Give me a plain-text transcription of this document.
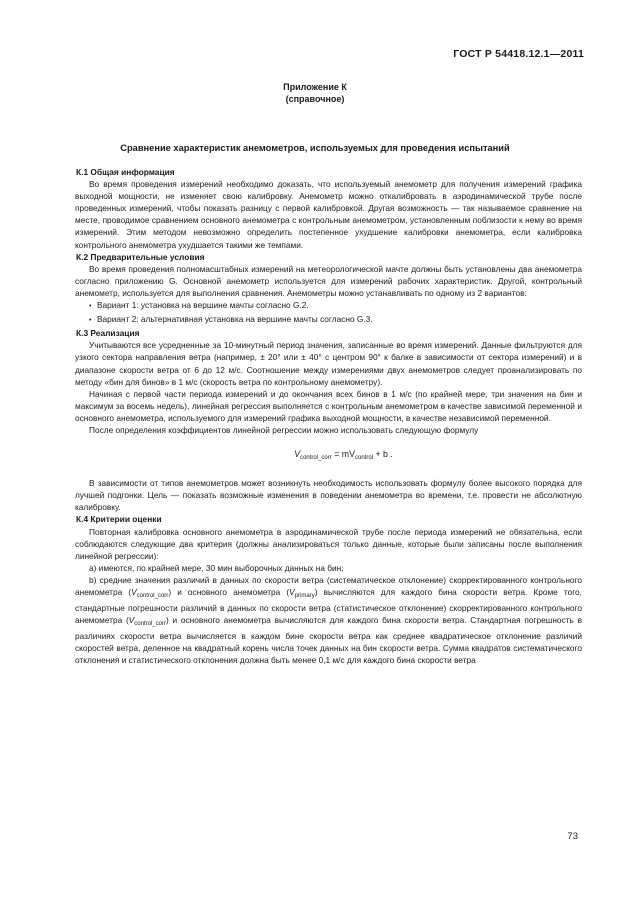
ГОСТ Р 54418.12.1—2011
Приложение К
(справочное)
Сравнение характеристик анемометров, используемых для проведения испытаний
К.1 Общая информация

Во время проведения измерений необходимо доказать, что используемый анемометр для получения измерений графика выходной мощности, не изменяет свою калибровку. Анемометр можно откалибровать в аэродинамической трубе после проведенных измерений, чтобы показать разницу с первой калибровкой. Другая возможность — так называемое сравнение на месте, проводимое сравнением основного анемометра с контрольным анемометром, установленным поблизости к нему во время измерений. Этим методом невозможно определить постепенное ухудшение калибровки анемометра, если калибровка контрольного анемометра ухудшается такими же темпами.

К.2 Предварительные условия

Во время проведения полномасштабных измерений на метеорологической мачте должны быть установлены два анемометра согласно приложению G. Основной анемометр используется для измерений рабочих характеристик. Другой, контрольный анемометр, используется для выполнения сравнения. Анемометры можно устанавливать по одному из 2 вариантов:

• Вариант 1: установка на вершине мачты согласно G.2.
• Вариант 2: альтернативная установка на вершине мачты согласно G.3.
К.3 Реализация

Учитываются все усредненные за 10-минутный период значения, записанные во время измерений. Данные фильтруются для узкого сектора направления ветра (например, ± 20° или ± 40° с центром 90° к балке в зависимости от сектора измерений) и в диапазоне скорости ветра от 6 до 12 м/с. Соотношение между измерениями двух анемометров следует проанализировать по методу «бин для бинов» в 1 м/с (скорость ветра по контрольному анемометру).

Начиная с первой части периода измерений и до окончания всех бинов в 1 м/с (по крайней мере, три значения на бин и максимум за восемь недель), линейная регрессия выполняется с контрольным анемометром в качестве зависимой переменной и основного анемометра, используемого для измерений графика выходной мощности, в качестве независимой переменной.

После определения коэффициентов линейной регрессии можно использовать следующую формулу

$V_{control\_corr} = mV_{control} + b$ .

В зависимости от типов анемометров может возникнуть необходимость использовать формулу более высокого порядка для лучшей подгонки. Цель — показать возможные изменения в поведении анемометра во времени, т.е. провести не абсолютную калибровку.

К.4 Критерии оценки

Повторная калибровка основного анемометра в аэродинамической трубе после периода измерений не обязательна, если соблюдаются следующие два критерия (должны анализироваться только данные, которые были записаны после выполнения линейной регрессии):

а) имеются, по крайней мере, 30 мин выборочных данных на бин;

b) средние значения различий в данных по скорости ветра (систематическое отклонение) скорректированного контрольного анемометра $(V_{control\_corr})$ и основного анемометра $(V_{primary})$ вычисляются для каждого бина скорости ветра. Кроме того, стандартные погрешности различий в данных по скорости ветра (статистическое отклонение) скорректированного контрольного анемометра $(V_{control\_corr})$ и основного анемометра вычисляются для каждого бина скорости ветра. Стандартная погрешность в различиях скорости ветра вычисляется в каждом бине скорости ветра как среднее квадратическое отклонение различий скоростей ветра, деленное на квадратный корень числа точек данных на бин скорости ветра. Сумма квадратов систематического отклонения и статистического отклонения должна быть менее 0,1 м/с для каждого бина скорости ветра

73
